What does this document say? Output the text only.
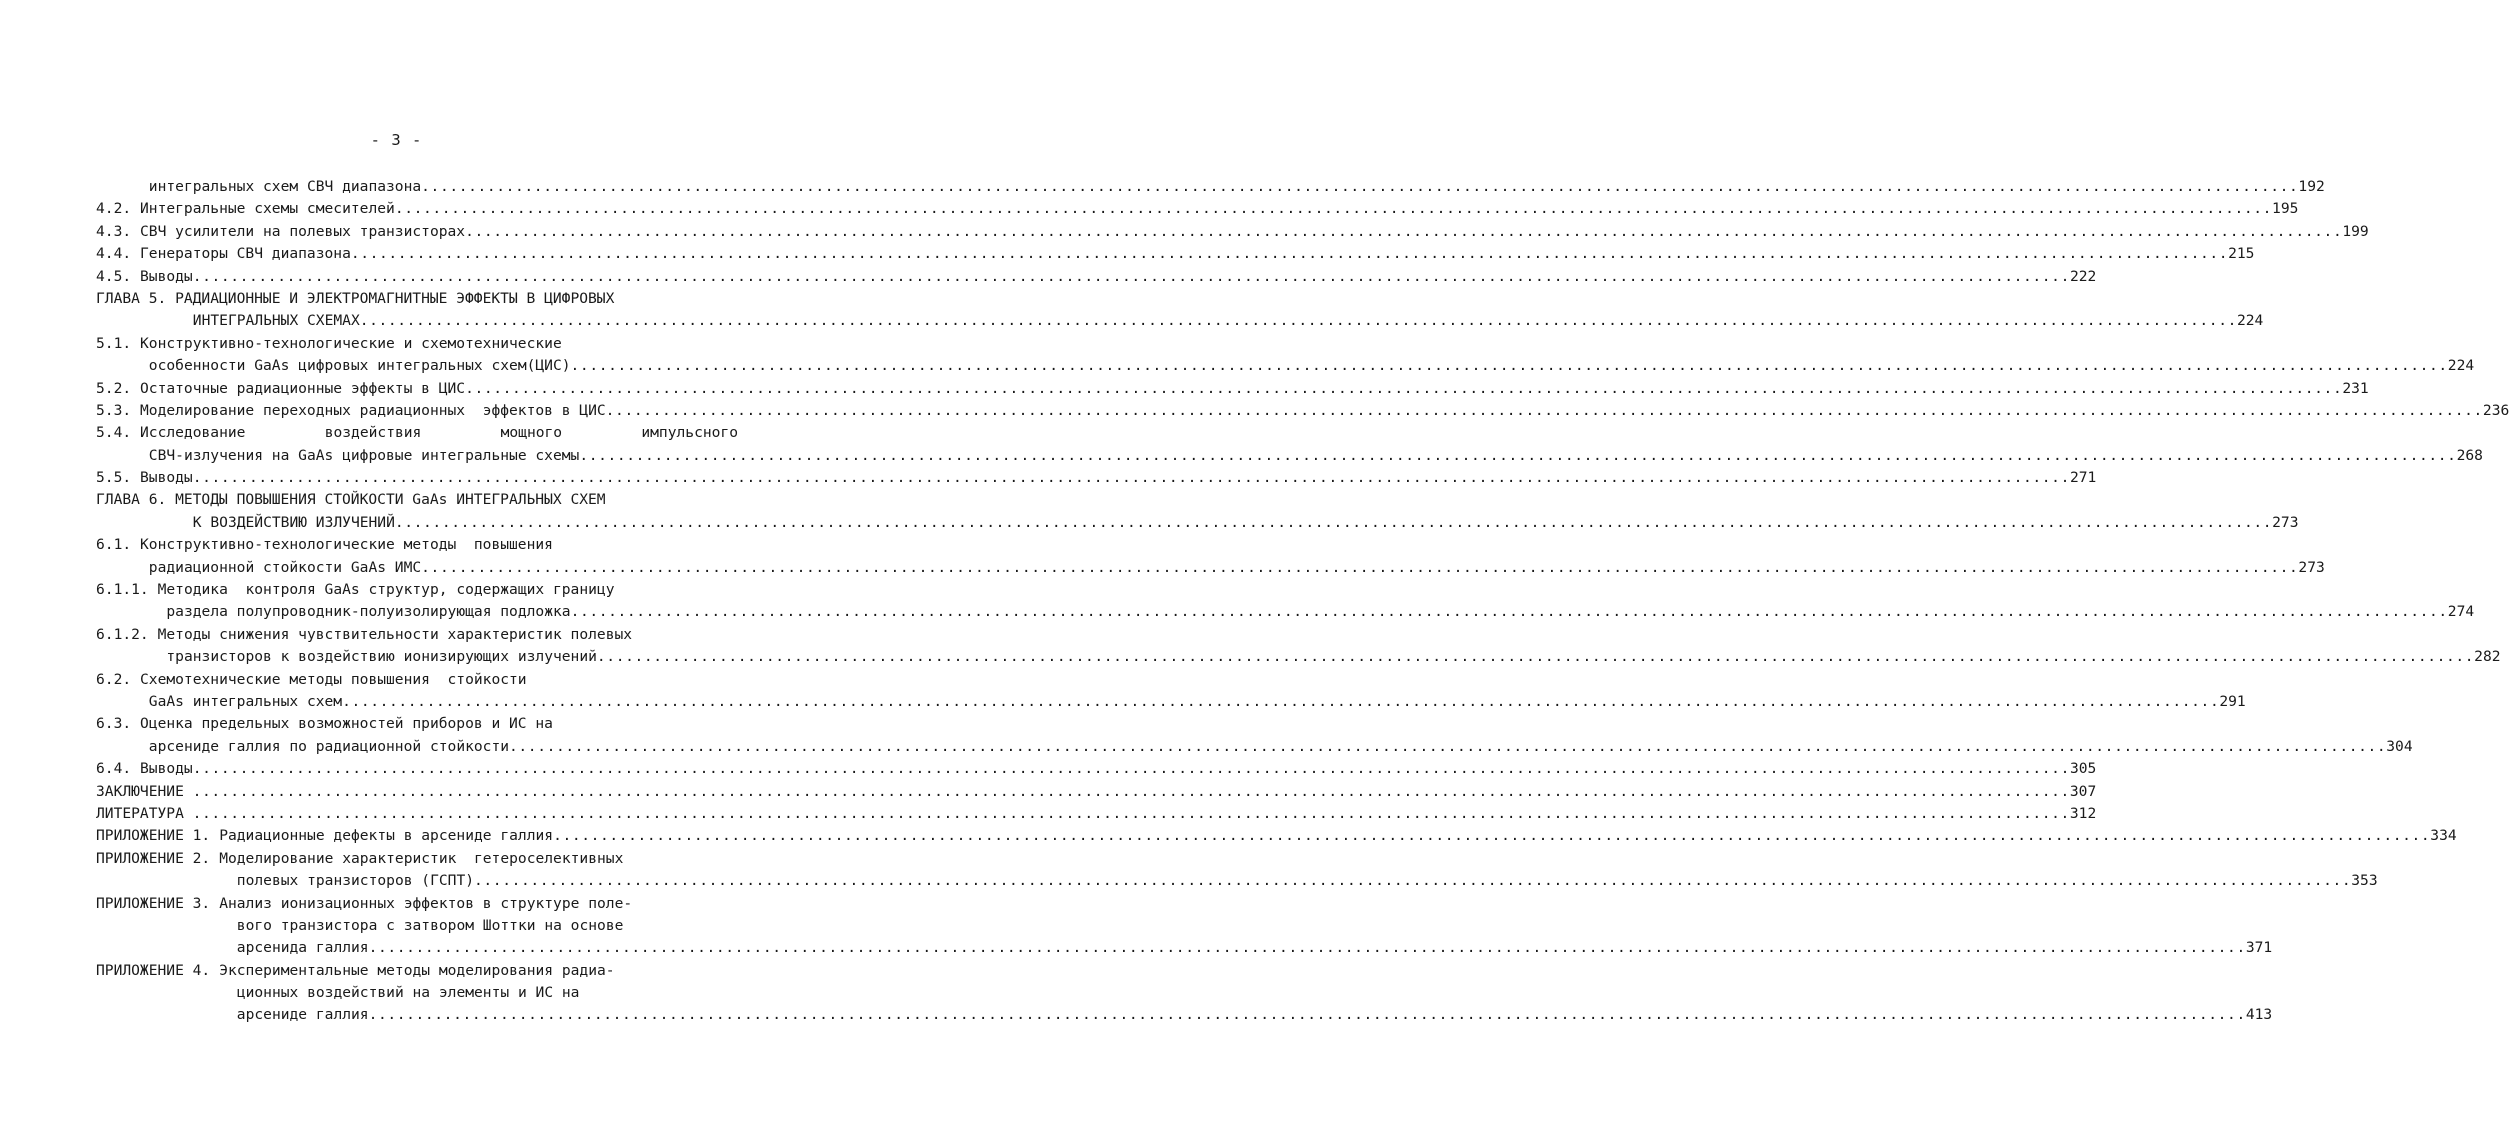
- 3 -
интегральных схем СВЧ диапазона .....	192
4.2. Интегральные схемы смесителей .....	195
4.3. СВЧ усилители на полевых транзисторах .....	199
4.4. Генераторы СВЧ диапазона .....	215
4.5. Выводы .....	222
ГЛАВА 5. РАДИАЦИОННЫЕ И ЭЛЕКТРОМАГНИТНЫЕ ЭФФЕКТЫ В ЦИФРОВЫХ
ИНТЕГРАЛЬНЫХ СХЕМАХ .....	224
5.1. Конструктивно-технологические и схемотехнические
особенности GaAs цифровых интегральных схем(ЦИС) .....	224
5.2. Остаточные радиационные эффекты в ЦИС .....	231
5.3. Моделирование переходных радиационных  эффектов в ЦИС .....	236
5.4. Исследование    воздействия    мощного    импульсного
СВЧ-излучения на GaAs цифровые интегральные схемы .....	268
5.5. Выводы .....	271
ГЛАВА 6. МЕТОДЫ ПОВЫШЕНИЯ СТОЙКОСТИ GaAs ИНТЕГРАЛЬНЫХ СХЕМ
К ВОЗДЕЙСТВИЮ ИЗЛУЧЕНИЙ .....	273
6.1. Конструктивно-технологические методы  повышения
радиационной стойкости GaAs ИМС .....	273
6.1.1. Методика  контроля GaAs структур, содержащих границу
раздела полупроводник-полуизолирующая подложка .....	274
6.1.2. Методы снижения чувствительности характеристик полевых
транзисторов к воздействию ионизирующих излучений .....	282
6.2. Схемотехнические методы повышения  стойкости
GaAs интегральных схем .....	291
6.3. Оценка предельных возможностей приборов и ИС на
арсениде галлия по радиационной стойкости .....	304
6.4. Выводы .....	305
ЗАКЛЮЧЕНИЕ .....	307
ЛИТЕРАТУРА .....	312
ПРИЛОЖЕНИЕ 1. Радиационные дефекты в арсениде галлия .....	334
ПРИЛОЖЕНИЕ 2. Моделирование характеристик  гетероселективных
полевых транзисторов (ГСПТ) .....	353
ПРИЛОЖЕНИЕ 3. Анализ ионизационных эффектов в структуре поле-
вого транзистора с затвором Шоттки на основе
арсенида галлия .....	371
ПРИЛОЖЕНИЕ 4. Экспериментальные методы моделирования радиа-
ционных воздействий на элементы и ИС на
арсениде галлия .....	413
